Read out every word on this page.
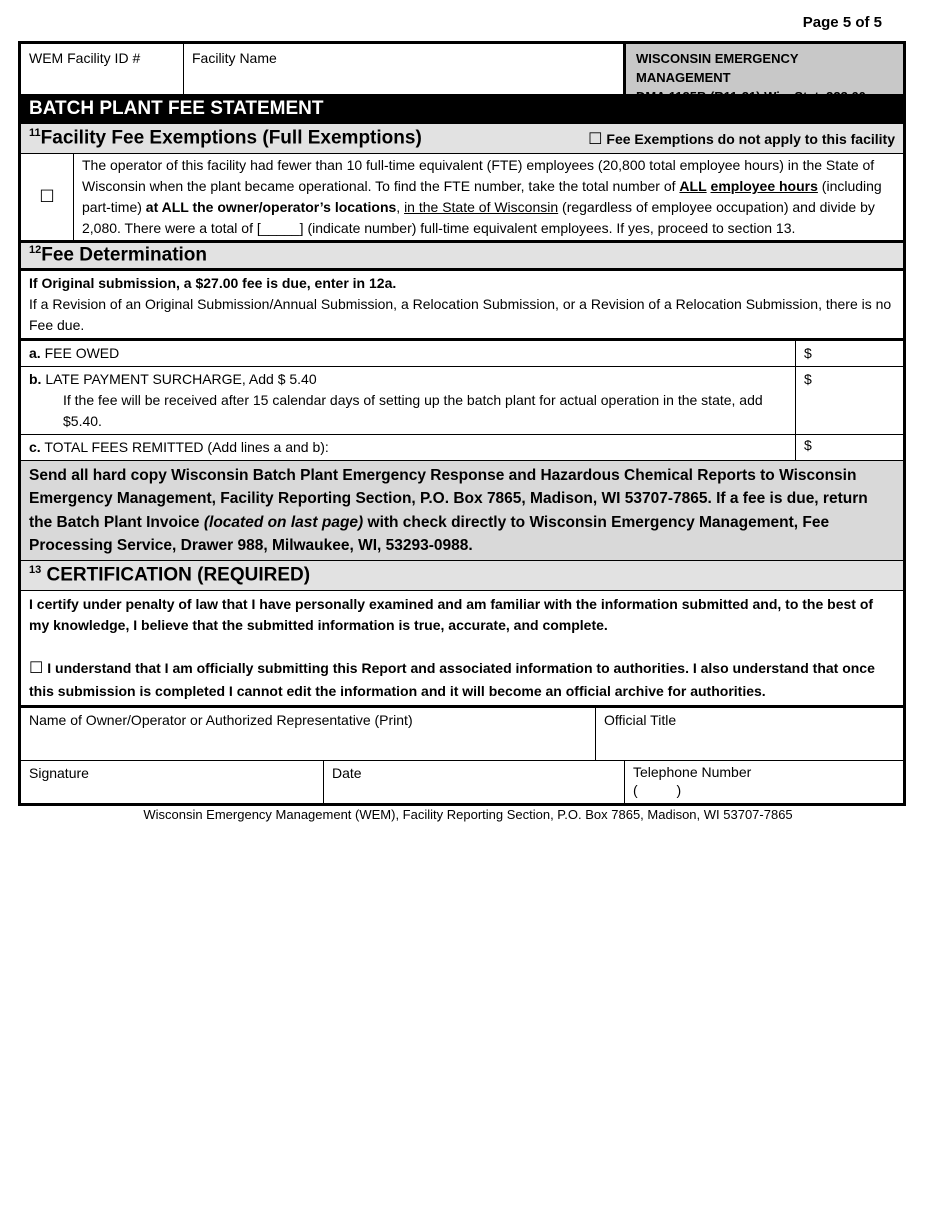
Page 5 of 5
WEM Facility ID #	Facility Name	WISCONSIN EMERGENCY MANAGEMENT
DMA 1125B (R11-21) Wis. Stat. 323.60
BATCH PLANT FEE STATEMENT
$^{11}$Facility Fee Exemptions (Full Exemptions)	☐ Fee Exemptions do not apply to this facility
☐
The operator of this facility had fewer than 10 full-time equivalent (FTE) employees (20,800 total employee hours) in the State of Wisconsin when the plant became operational. To find the FTE number, take the total number of ALL employee hours (including part-time) at ALL the owner/operator’s locations, in the State of Wisconsin (regardless of employee occupation) and divide by 2,080. There were a total of [_____] (indicate number) full-time equivalent employees. If yes, proceed to section 13.
$^{12}$Fee Determination
If Original submission, a $27.00 fee is due, enter in 12a.
If a Revision of an Original Submission/Annual Submission, a Relocation Submission, or a Revision of a Relocation Submission, there is no Fee due.
a. FEE OWED	$
b. LATE PAYMENT SURCHARGE, Add $ 5.40
If the fee will be received after 15 calendar days of setting up the batch plant for actual operation in the state, add $5.40.
$
c. TOTAL FEES REMITTED (Add lines a and b):	$
Send all hard copy Wisconsin Batch Plant Emergency Response and Hazardous Chemical Reports to Wisconsin Emergency Management, Facility Reporting Section, P.O. Box 7865, Madison, WI 53707-7865. If a fee is due, return the Batch Plant Invoice (located on last page) with check directly to Wisconsin Emergency Management, Fee Processing Service, Drawer 988, Milwaukee, WI, 53293-0988.
$^{13}$ CERTIFICATION (REQUIRED)
I certify under penalty of law that I have personally examined and am familiar with the information submitted and, to the best of my knowledge, I believe that the submitted information is true, accurate, and complete.

☐ I understand that I am officially submitting this Report and associated information to authorities. I also understand that once this submission is completed I cannot edit the information and it will become an official archive for authorities.
Name of Owner/Operator or Authorized Representative (Print)	Official Title
Signature	Date	Telephone Number
(          )
Wisconsin Emergency Management (WEM), Facility Reporting Section, P.O. Box 7865, Madison, WI 53707-7865
